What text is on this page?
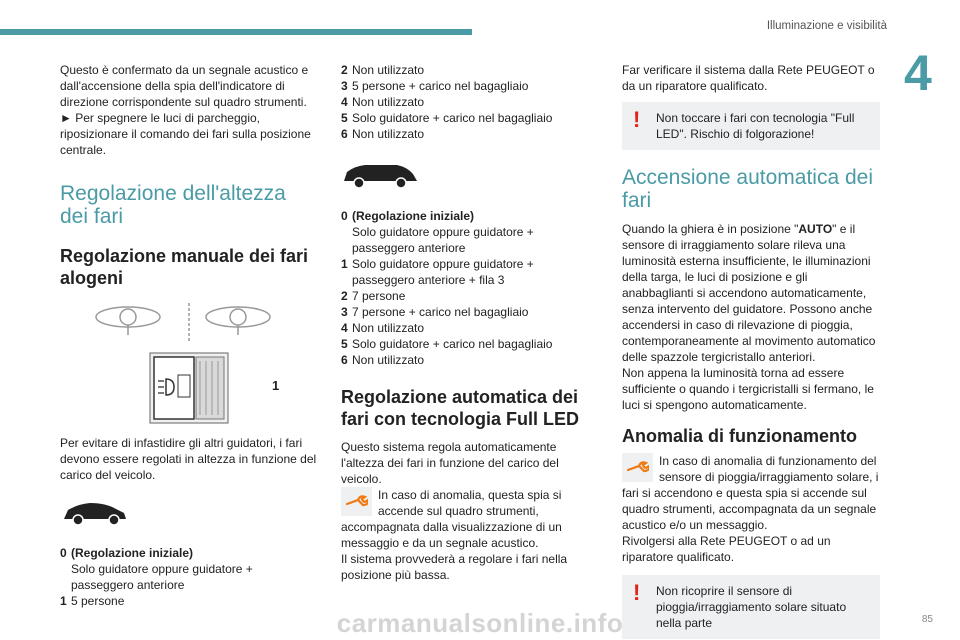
Illuminazione e visibilità
4

Questo è confermato da un segnale acustico e dall'accensione della spia dell'indicatore di direzione corrispondente sul quadro strumenti.

► Per spegnere le luci di parcheggio, riposizionare il comando dei fari sulla posizione centrale.

Regolazione dell'altezza dei fari
Regolazione manuale dei fari alogeni
1

Per evitare di infastidire gli altri guidatori, i fari devono essere regolati in altezza in funzione del carico del veicolo.

0 (Regolazione iniziale)
Solo guidatore oppure guidatore + passeggero anteriore
1 5 persone
2 Non utilizzato
3 5 persone + carico nel bagagliaio
4 Non utilizzato
5 Solo guidatore + carico nel bagagliaio
6 Non utilizzato
0 (Regolazione iniziale)
Solo guidatore oppure guidatore + passeggero anteriore
1 Solo guidatore oppure guidatore + passeggero anteriore + fila 3
2 7 persone
3 7 persone + carico nel bagagliaio
4 Non utilizzato
5 Solo guidatore + carico nel bagagliaio
6 Non utilizzato
Regolazione automatica dei fari con tecnologia Full LED

Questo sistema regola automaticamente l'altezza dei fari in funzione del carico del veicolo.

In caso di anomalia, questa spia si accende sul quadro strumenti, accompagnata dalla visualizzazione di un messaggio e da un segnale acustico.

Il sistema provvederà a regolare i fari nella posizione più bassa.

Far verificare il sistema dalla Rete PEUGEOT o da un riparatore qualificato.

! Non toccare i fari con tecnologia "Full LED". Rischio di folgorazione!

Accensione automatica dei fari

Quando la ghiera è in posizione "AUTO" e il sensore di irraggiamento solare rileva una luminosità esterna insufficiente, le illuminazioni della targa, le luci di posizione e gli anabbaglianti si accendono automaticamente, senza intervento del guidatore. Possono anche accendersi in caso di rilevazione di pioggia, contemporaneamente al movimento automatico delle spazzole tergicristallo anteriori.

Non appena la luminosità torna ad essere sufficiente o quando i tergicristalli si fermano, le luci si spengono automaticamente.

Anomalia di funzionamento

In caso di anomalia di funzionamento del sensore di pioggia/irraggiamento solare, i fari si accendono e questa spia si accende sul quadro strumenti, accompagnata da un segnale acustico e/o un messaggio.

Rivolgersi alla Rete PEUGEOT o ad un riparatore qualificato.

! Non ricoprire il sensore di pioggia/irraggiamento solare situato nella parte

carmanualsonline.info	85
